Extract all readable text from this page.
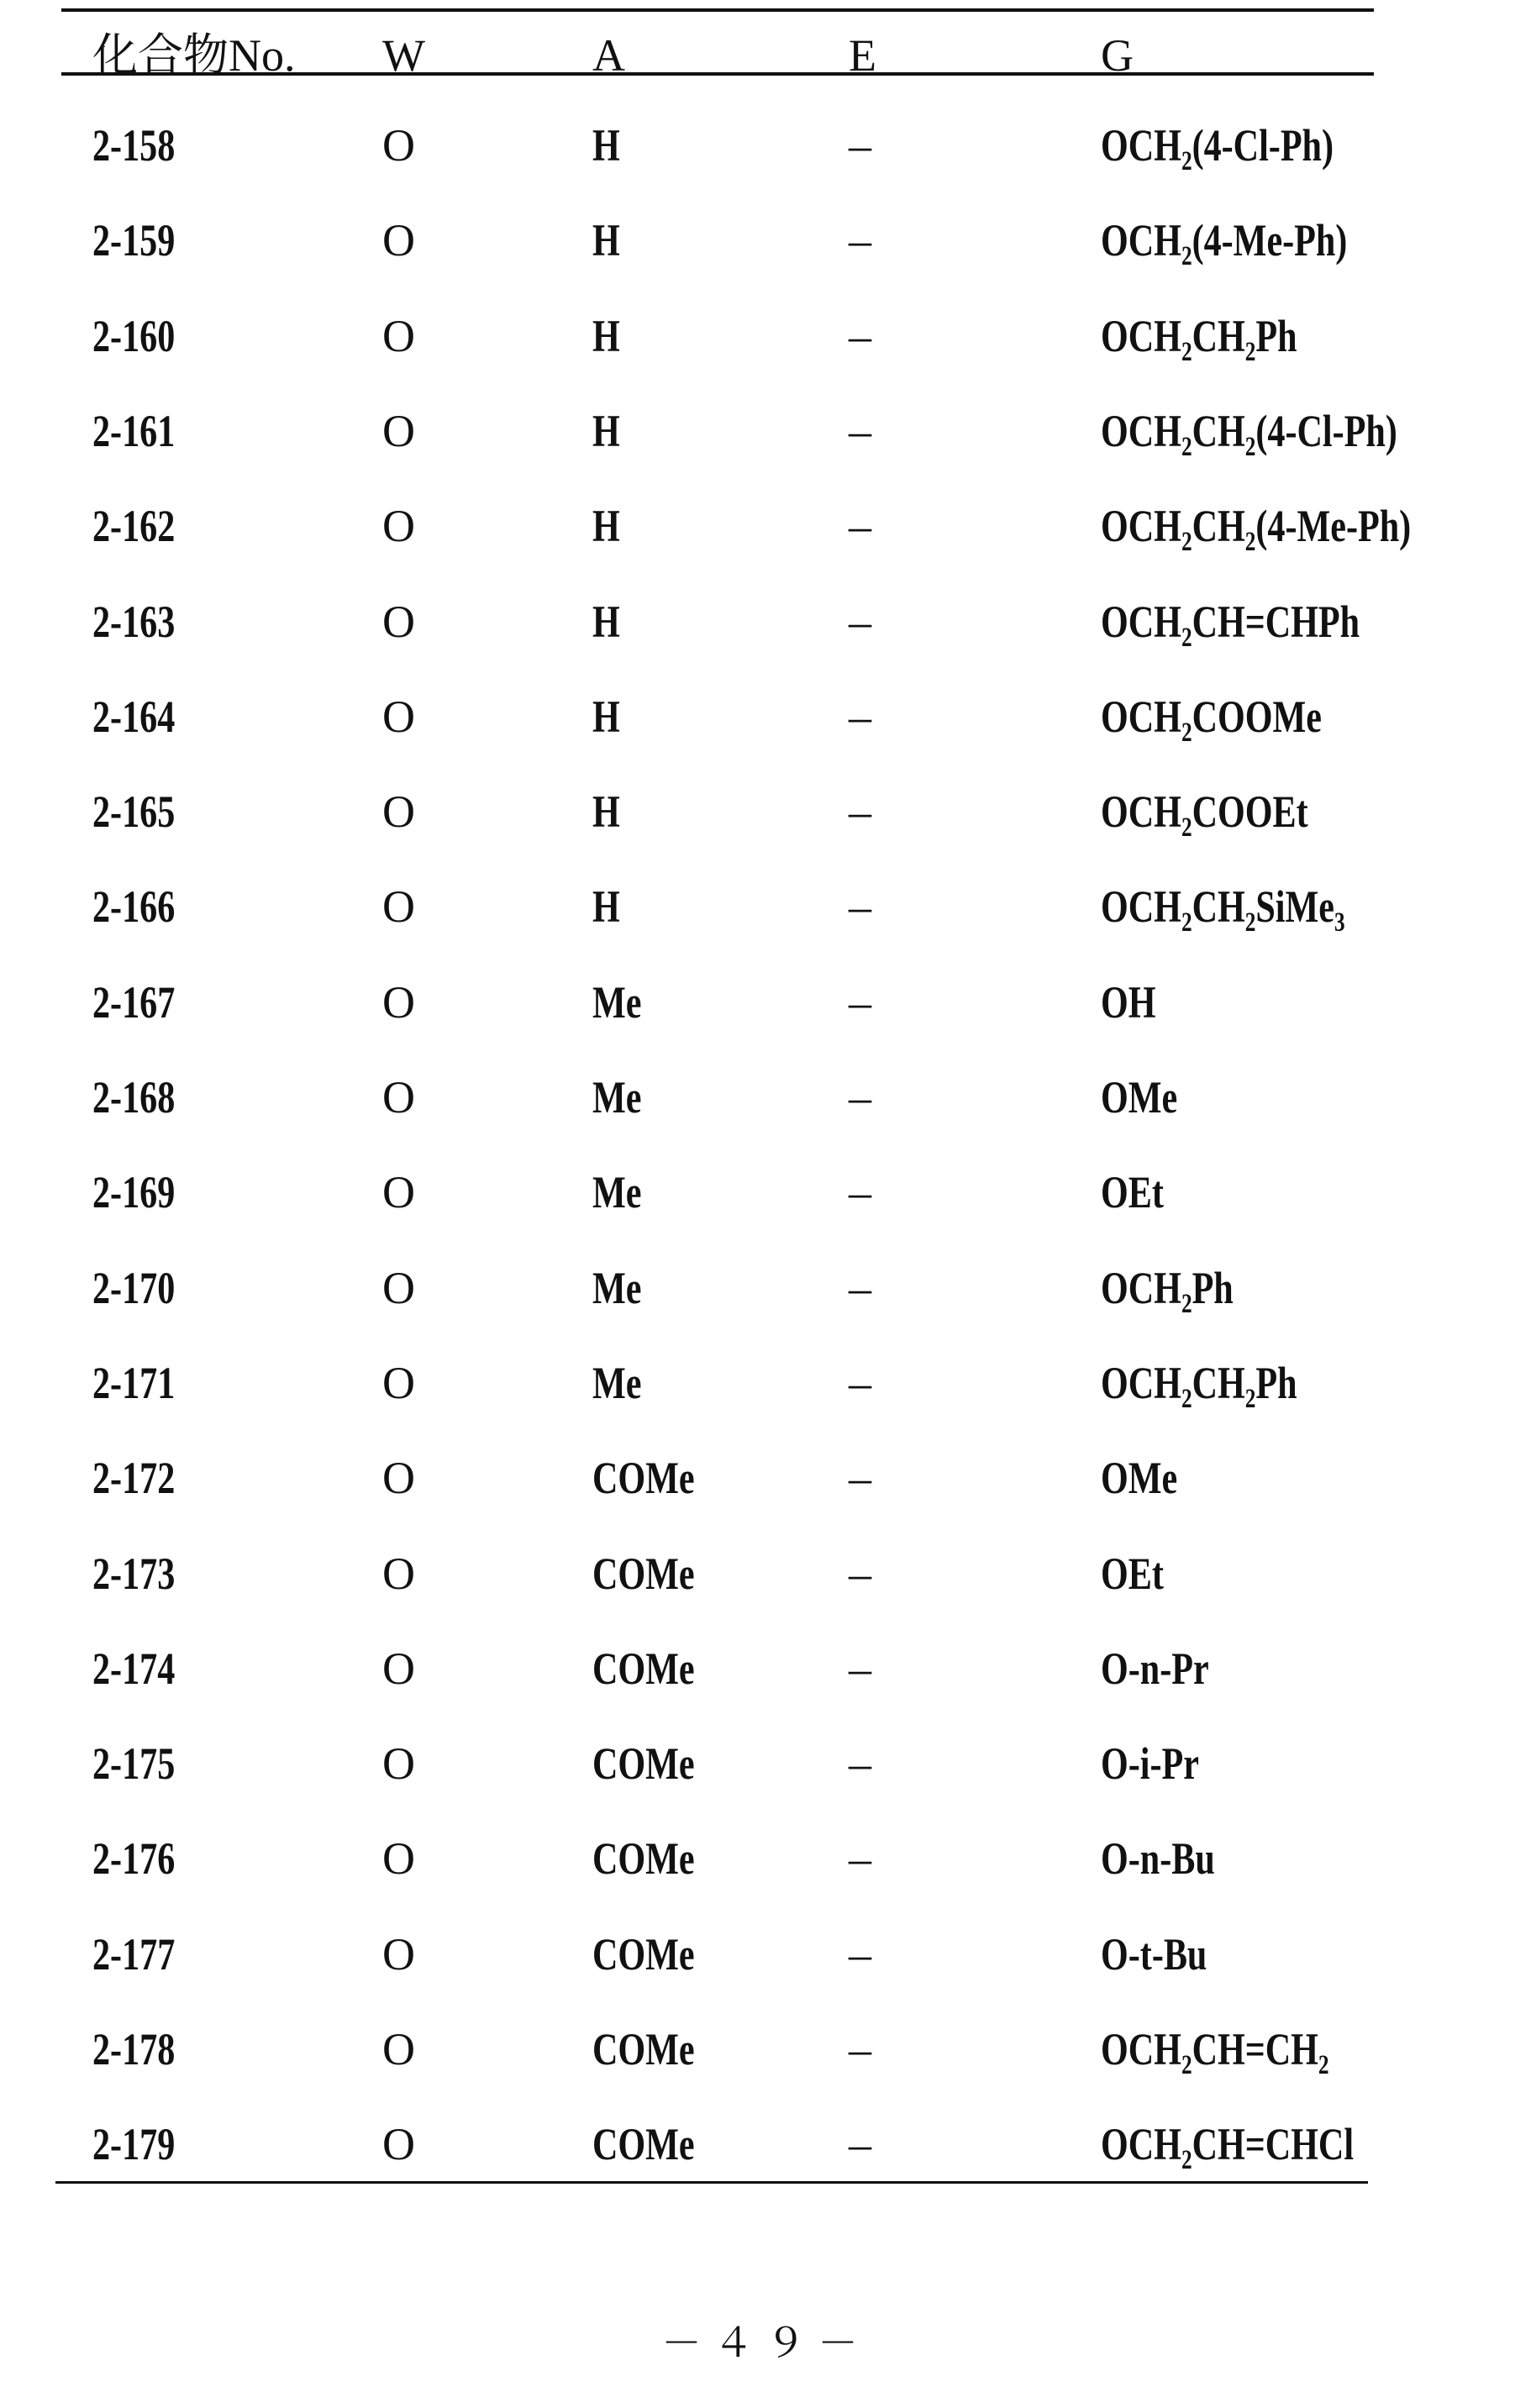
化合物No. W	A	E	G
2-158	O	H	–	OCH₂(4-Cl-Ph)
2-159	O	H	–	OCH₂(4-Me-Ph)
2-160	O	H	–	OCH₂CH₂Ph
2-161	O	H	–	OCH₂CH₂(4-Cl-Ph)
2-162	O	H	–	OCH₂CH₂(4-Me-Ph)
2-163	O	H	–	OCH₂CH=CHPh
2-164	O	H	–	OCH₂COOMe
2-165	O	H	–	OCH₂COOEt
2-166	O	H	–	OCH₂CH₂SiMe₃
2-167	O	Me	–	OH
2-168	O	Me	–	OMe
2-169	O	Me	–	OEt
2-170	O	Me	–	OCH₂Ph
2-171	O	Me	–	OCH₂CH₂Ph
2-172	O	COMe	–	OMe
2-173	O	COMe	–	OEt
2-174	O	COMe	–	O-n-Pr
2-175	O	COMe	–	O-i-Pr
2-176	O	COMe	–	O-n-Bu
2-177	O	COMe	–	O-t-Bu
2-178	O	COMe	–	OCH₂CH=CH₂
2-179	O	COMe	–	OCH₂CH=CHCl
－４９－
